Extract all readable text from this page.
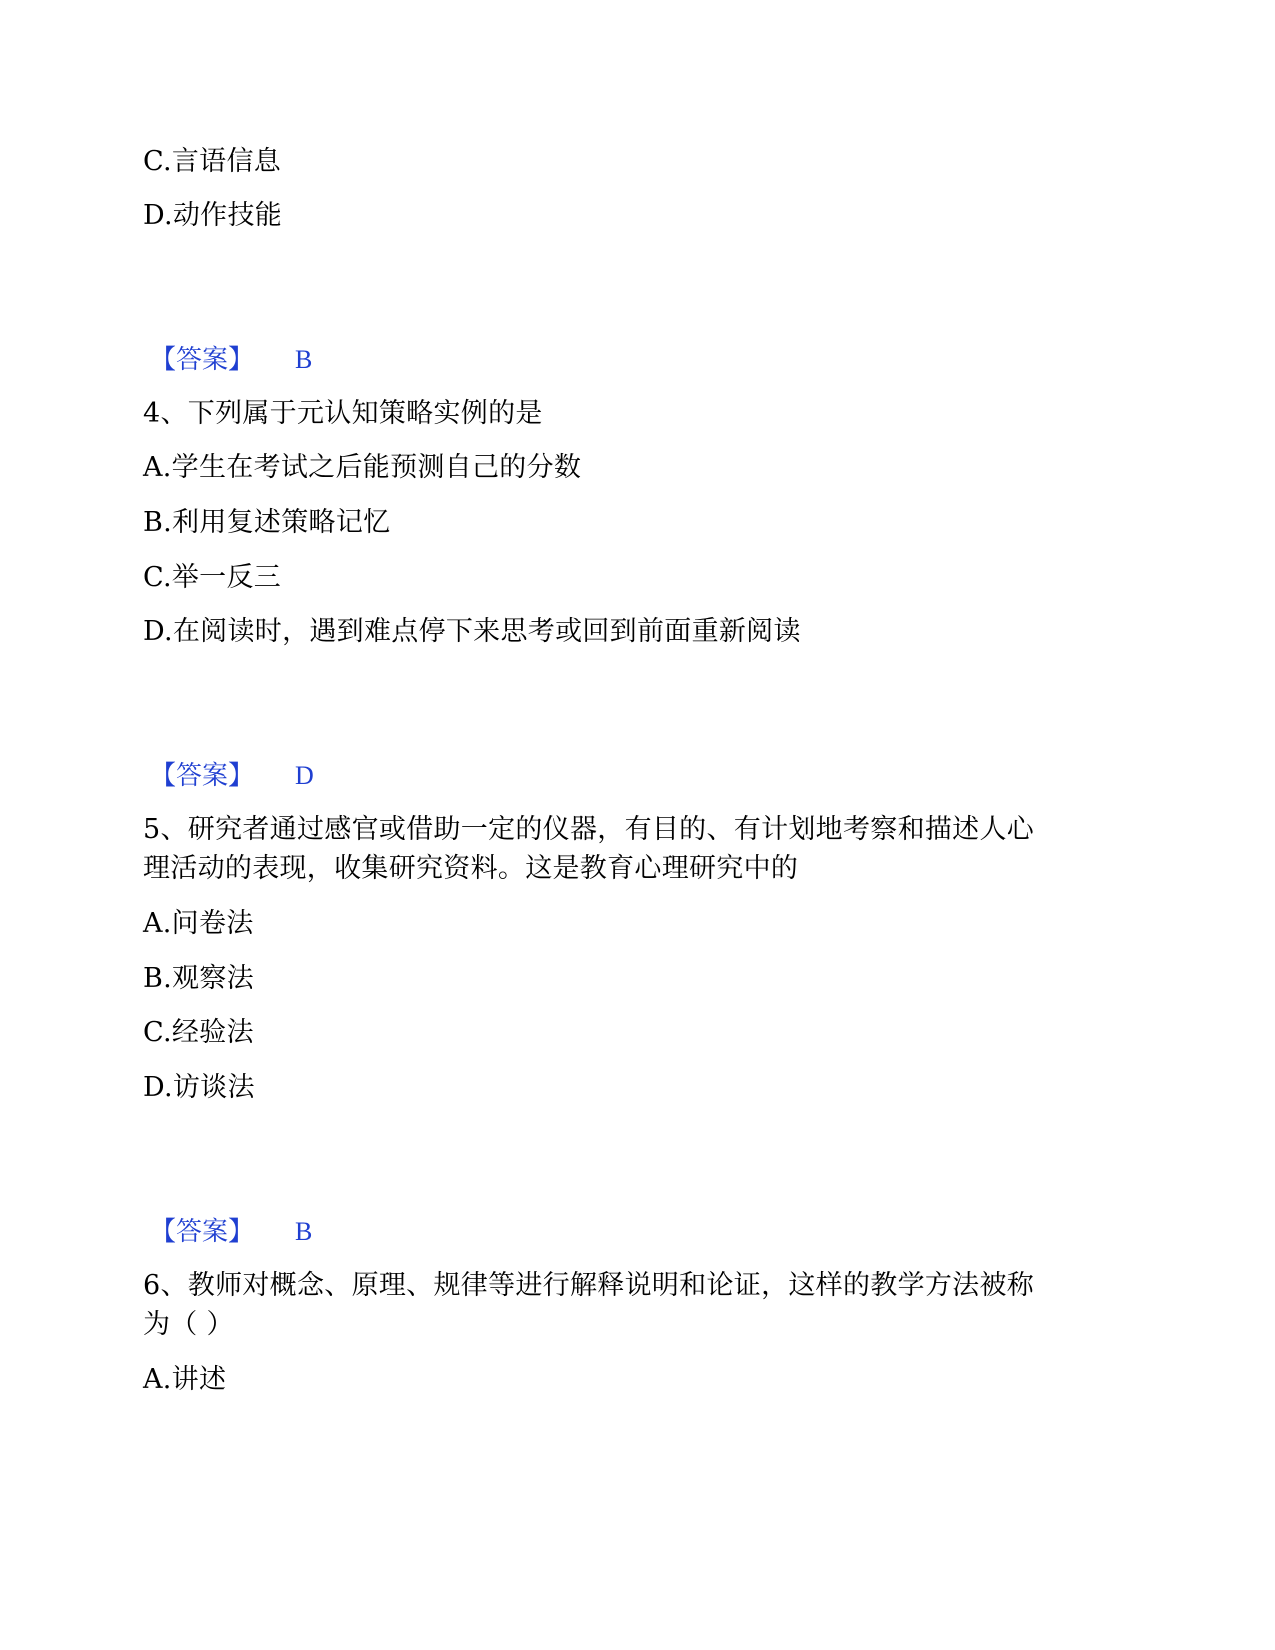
C.言语信息
D.动作技能
【答案】 B
4、下列属于元认知策略实例的是
A.学生在考试之后能预测自己的分数
B.利用复述策略记忆
C.举一反三
D.在阅读时，遇到难点停下来思考或回到前面重新阅读
【答案】 D
5、研究者通过感官或借助一定的仪器，有目的、有计划地考察和描述人心
理活动的表现，收集研究资料。这是教育心理研究中的
A.问卷法
B.观察法
C.经验法
D.访谈法
【答案】 B
6、教师对概念、原理、规律等进行解释说明和论证，这样的教学方法被称
为（ ）
A.讲述
